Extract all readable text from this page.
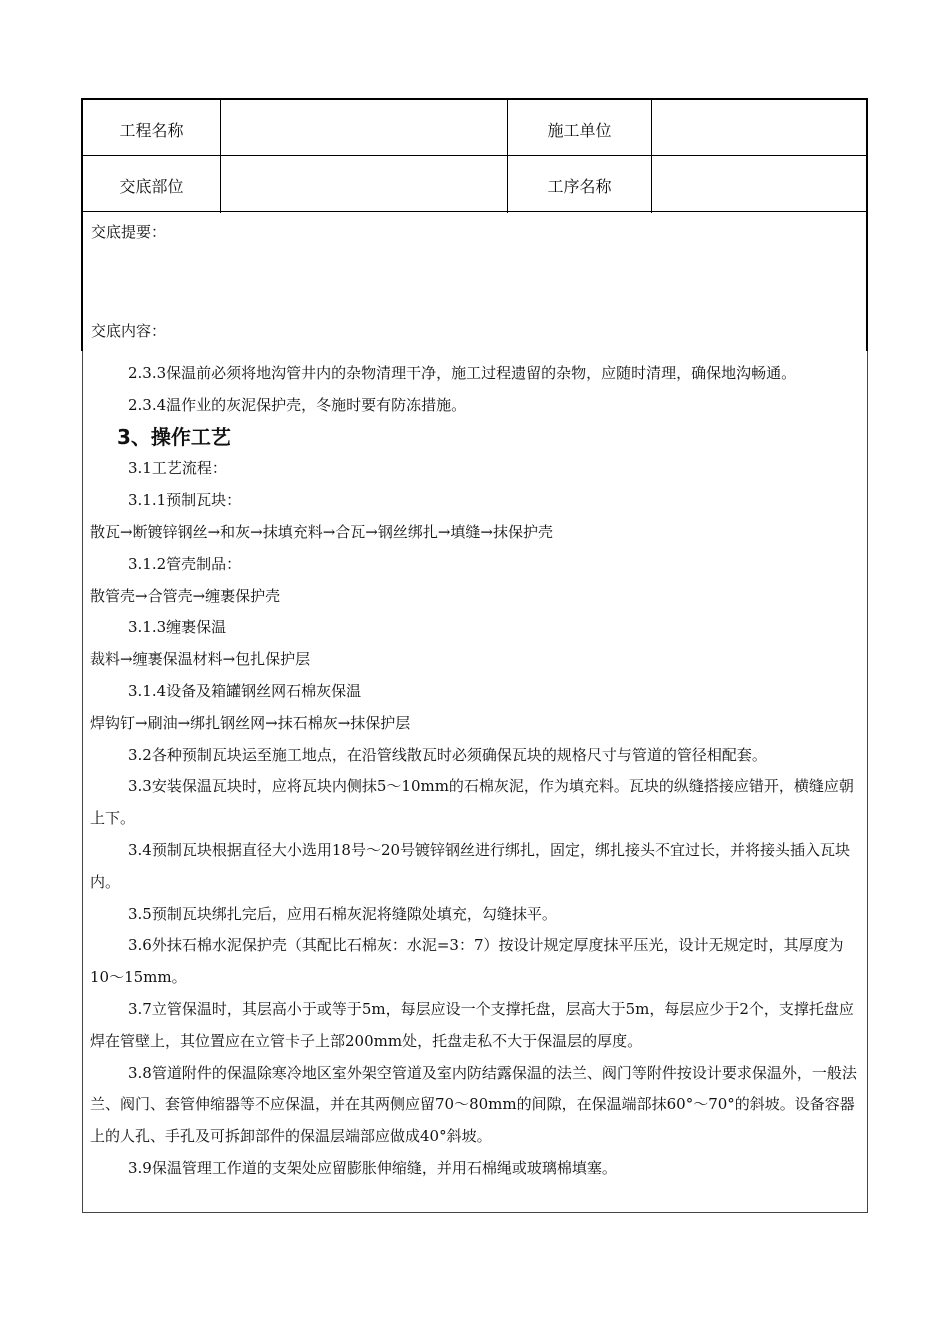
工程名称	施工单位
交底部位	工序名称
交底提要：
交底内容：

2.3.3保温前必须将地沟管井内的杂物清理干净，施工过程遗留的杂物，应随时清理，确保地沟畅通。

2.3.4温作业的灰泥保护壳，冬施时要有防冻措施。

3、操作工艺

3.1工艺流程：

3.1.1预制瓦块：

散瓦→断镀锌钢丝→和灰→抹填充料→合瓦→钢丝绑扎→填缝→抹保护壳

3.1.2管壳制品：

散管壳→合管壳→缠裹保护壳

3.1.3缠裹保温

裁料→缠裹保温材料→包扎保护层

3.1.4设备及箱罐钢丝网石棉灰保温

焊钩钉→刷油→绑扎钢丝网→抹石棉灰→抹保护层

3.2各种预制瓦块运至施工地点，在沿管线散瓦时必须确保瓦块的规格尺寸与管道的管径相配套。

3.3安装保温瓦块时，应将瓦块内侧抹5～10mm的石棉灰泥，作为填充料。瓦块的纵缝搭接应错开，横缝应朝上下。

3.4预制瓦块根据直径大小选用18号～20号镀锌钢丝进行绑扎，固定，绑扎接头不宜过长，并将接头插入瓦块内。

3.5预制瓦块绑扎完后，应用石棉灰泥将缝隙处填充，勾缝抹平。

3.6外抹石棉水泥保护壳（其配比石棉灰：水泥=3：7）按设计规定厚度抹平压光，设计无规定时，其厚度为10～15mm。

3.7立管保温时，其层高小于或等于5m，每层应设一个支撑托盘，层高大于5m，每层应少于2个，支撑托盘应焊在管壁上，其位置应在立管卡子上部200mm处，托盘走私不大于保温层的厚度。

3.8管道附件的保温除寒冷地区室外架空管道及室内防结露保温的法兰、阀门等附件按设计要求保温外，一般法兰、阀门、套管伸缩器等不应保温，并在其两侧应留70～80mm的间隙，在保温端部抹60°～70°的斜坡。设备容器上的人孔、手孔及可拆卸部件的保温层端部应做成40°斜坡。

3.9保温管理工作道的支架处应留膨胀伸缩缝，并用石棉绳或玻璃棉填塞。
